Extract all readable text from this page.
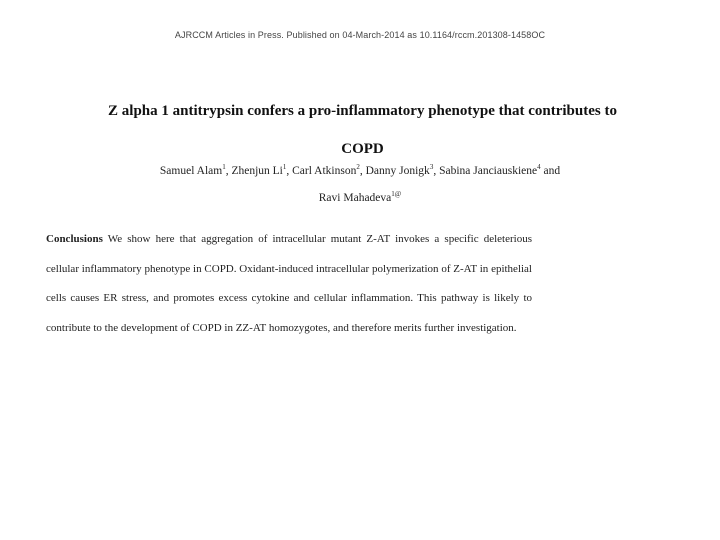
AJRCCM Articles in Press. Published on 04-March-2014 as 10.1164/rccm.201308-1458OC
Z alpha 1 antitrypsin confers a pro-inflammatory phenotype that contributes to COPD
Samuel Alam$^1$, Zhenjun Li$^1$, Carl Atkinson$^2$, Danny Jonigk$^3$, Sabina Janciauskiene$^4$ and Ravi Mahadeva$^{1@}$
Conclusions We show here that aggregation of intracellular mutant Z-AT invokes a specific deleterious cellular inflammatory phenotype in COPD. Oxidant-induced intracellular polymerization of Z-AT in epithelial cells causes ER stress, and promotes excess cytokine and cellular inflammation. This pathway is likely to contribute to the development of COPD in ZZ-AT homozygotes, and therefore merits further investigation.
